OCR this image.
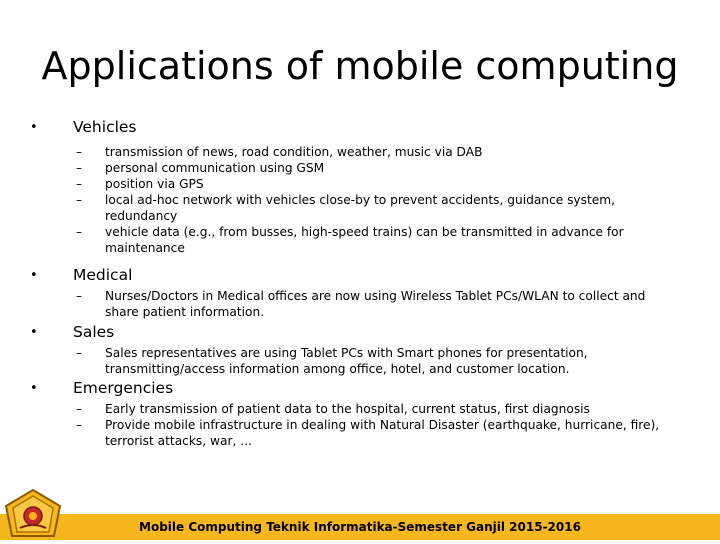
Applications of mobile computing
• Vehicles
– transmission of news, road condition, weather, music via DAB
– personal communication using GSM
– position via GPS
– local ad-hoc network with vehicles close-by to prevent accidents, guidance system, redundancy
– vehicle data (e.g., from busses, high-speed trains) can be transmitted in advance for maintenance
• Medical
– Nurses/Doctors in Medical offices are now using Wireless Tablet PCs/WLAN to collect and share patient information.
• Sales
– Sales representatives are using Tablet PCs with Smart phones for presentation, transmitting/access information among office, hotel, and customer location.
• Emergencies
– Early transmission of patient data to the hospital, current status, first diagnosis
– Provide mobile infrastructure in dealing with Natural Disaster (earthquake, hurricane, fire), terrorist attacks, war, ...
Mobile Computing Teknik Informatika-Semester Ganjil 2015-2016
